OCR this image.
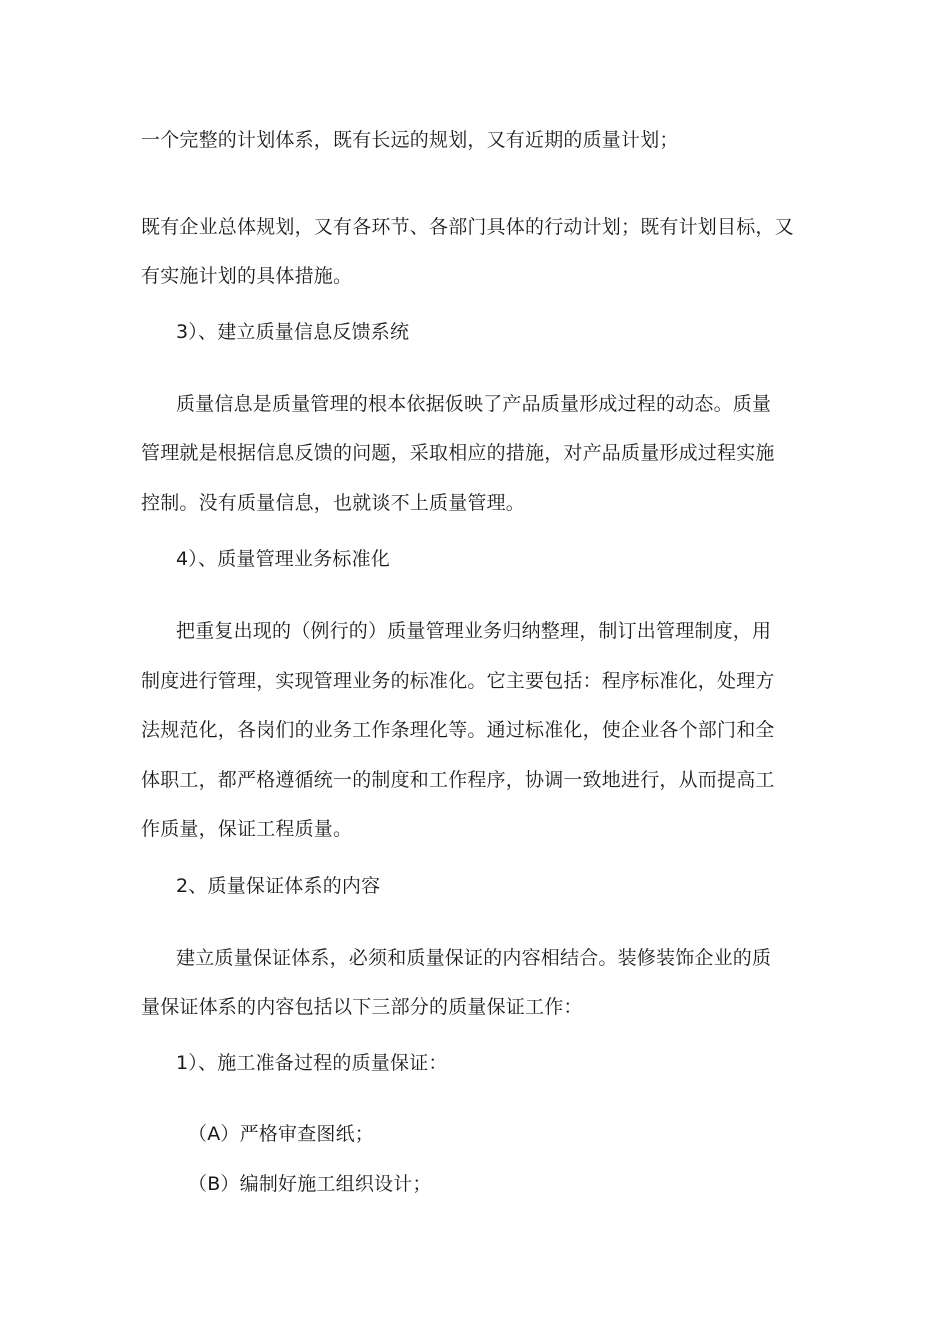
一个完整的计划体系，既有长远的规划，又有近期的质量计划；
既有企业总体规划，又有各环节、各部门具体的行动计划；既有计划目标，又
有实施计划的具体措施。
3）、建立质量信息反馈系统
质量信息是质量管理的根本依据仮映了产品质量形成过程的动态。质量
管理就是根据信息反馈的问题，采取相应的措施，对产品质量形成过程实施
控制。没有质量信息，也就谈不上质量管理。
4）、质量管理业务标准化
把重复出现的（例行的）质量管理业务归纳整理，制订出管理制度，用
制度进行管理，实现管理业务的标准化。它主要包括：程序标准化，处理方
法规范化，各岗们的业务工作条理化等。通过标准化，使企业各个部门和全
体职工，都严格遵循统一的制度和工作程序，协调一致地进行，从而提高工
作质量，保证工程质量。
2、质量保证体系的内容
建立质量保证体系，必须和质量保证的内容相结合。装修装饰企业的质
量保证体系的内容包括以下三部分的质量保证工作：
1）、施工准备过程的质量保证：
（A）严格审查图纸；
（B）编制好施工组织设计；
